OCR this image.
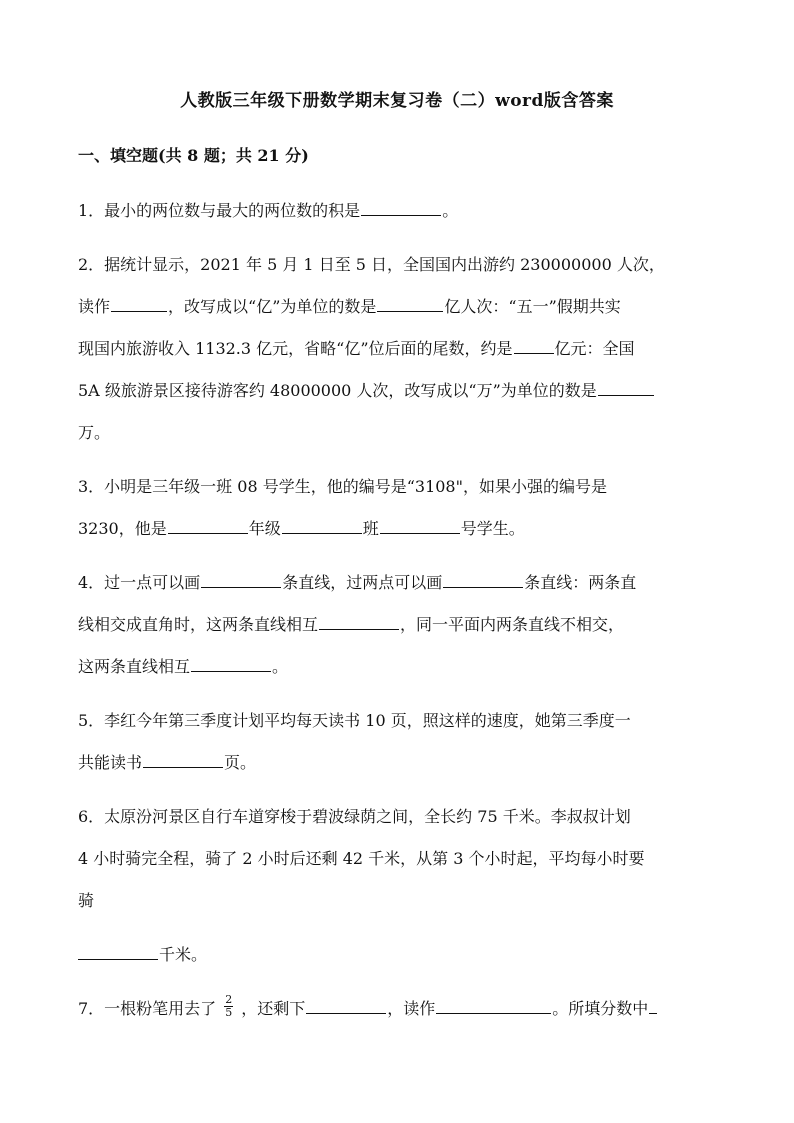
人教版三年级下册数学期末复习卷（二）word版含答案
一、填空题(共 8 题；共 21 分)
1．最小的两位数与最大的两位数的积是	。
2．据统计显示，2021 年 5 月 1 日至 5 日，全国国内出游约 230000000 人次，
读作	，改写成以“亿”为单位的数是	亿人次：“五一”假期共实
现国内旅游收入 1132.3 亿元，省略“亿”位后面的尾数，约是	亿元：全国
5A 级旅游景区接待游客约 48000000 人次，改写成以“万”为单位的数是
万。
3．小明是三年级一班 08 号学生，他的编号是“3108"，如果小强的编号是
3230，他是	年级	班	号学生。
4．过一点可以画	条直线，过两点可以画	条直线：两条直
线相交成直角时，这两条直线相互	，同一平面内两条直线不相交，
这两条直线相互	。
5．李红今年第三季度计划平均每天读书 10 页，照这样的速度，她第三季度一
共能读书	页。
6．太原汾河景区自行车道穿梭于碧波绿荫之间，全长约 75 千米。李叔叔计划
4 小时骑完全程，骑了 2 小时后还剩 42 千米，从第 3 个小时起，平均每小时要
骑
千米。
7．一根粉笔用去了 $\frac{2}{5}$ ，还剩下	，读作	。所填分数中
